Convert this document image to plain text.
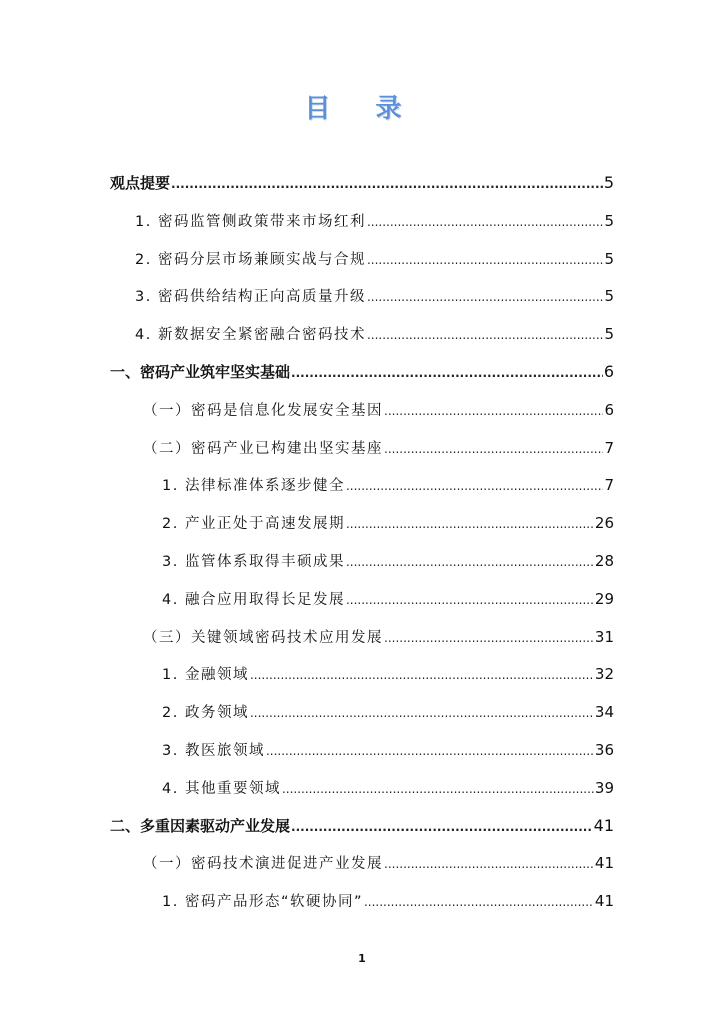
目 录
观点提要 .....	5
1. 密码监管侧政策带来市场红利 .....	5
2. 密码分层市场兼顾实战与合规 .....	5
3. 密码供给结构正向高质量升级 .....	5
4. 新数据安全紧密融合密码技术 .....	5
一、密码产业筑牢坚实基础 .....	6
（一）密码是信息化发展安全基因 .....	6
（二）密码产业已构建出坚实基座 .....	7
1. 法律标准体系逐步健全 .....	7
2. 产业正处于高速发展期 .....	26
3. 监管体系取得丰硕成果 .....	28
4. 融合应用取得长足发展 .....	29
（三）关键领域密码技术应用发展 .....	31
1. 金融领域 .....	32
2. 政务领域 .....	34
3. 教医旅领域 .....	36
4. 其他重要领域 .....	39
二、多重因素驱动产业发展 .....	41
（一）密码技术演进促进产业发展 .....	41
1. 密码产品形态“软硬协同” .....	41
1
